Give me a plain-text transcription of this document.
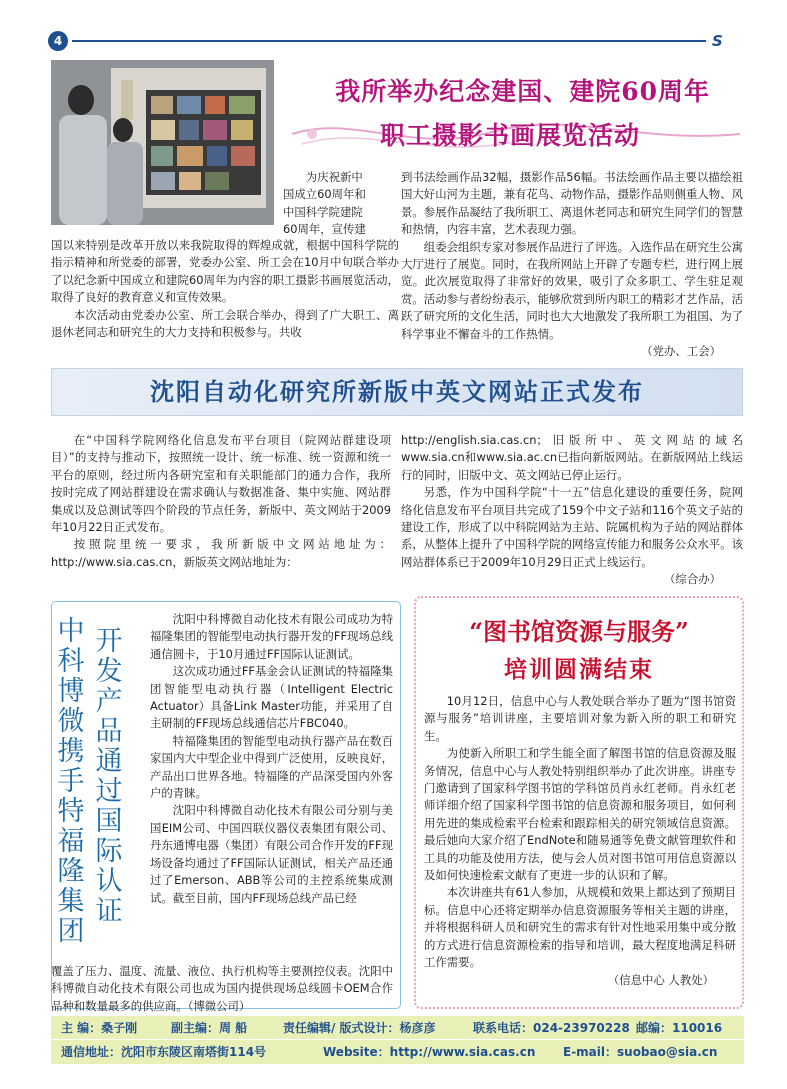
4	S
我所举办纪念建国、建院60周年
职工摄影书画展览活动
为庆祝新中
国成立60周年和
中国科学院建院
60周年，宣传建

国以来特别是改革开放以来我院取得的辉煌成就，根据中国科学院的指示精神和所党委的部署，党委办公室、所工会在10月中旬联合举办了以纪念新中国成立和建院60周年为内容的职工摄影书画展览活动，取得了良好的教育意义和宣传效果。

本次活动由党委办公室、所工会联合举办，得到了广大职工、离退休老同志和研究生的大力支持和积极参与。共收

到书法绘画作品32幅，摄影作品56幅。书法绘画作品主要以描绘祖国大好山河为主题，兼有花鸟、动物作品，摄影作品则侧重人物、风景。参展作品凝结了我所职工、离退休老同志和研究生同学们的智慧和热情，内容丰富，艺术表现力强。

组委会组织专家对参展作品进行了评选。入选作品在研究生公寓大厅进行了展览。同时，在我所网站上开辟了专题专栏，进行网上展览。此次展览取得了非常好的效果，吸引了众多职工、学生驻足观赏。活动参与者纷纷表示，能够欣赏到所内职工的精彩才艺作品，活跃了研究所的文化生活，同时也大大地激发了我所职工为祖国、为了科学事业不懈奋斗的工作热情。

（党办、工会）
沈阳自动化研究所新版中英文网站正式发布

在“中国科学院网络化信息发布平台项目（院网站群建设项目）”的支持与推动下，按照统一设计、统一标准、统一资源和统一平台的原则，经过所内各研究室和有关职能部门的通力合作，我所按时完成了网站群建设在需求确认与数据准备、集中实施、网站群集成以及总测试等四个阶段的节点任务，新版中、英文网站于2009年10月22日正式发布。

按照院里统一要求，我所新版中文网站地址为：http://www.sia.cas.cn，新版英文网站地址为：

http://english.sia.cas.cn；旧版所中、英文网站的域名www.sia.cn和www.sia.ac.cn已指向新版网站。在新版网站上线运行的同时，旧版中文、英文网站已停止运行。

另悉，作为中国科学院“十一五”信息化建设的重要任务，院网络化信息发布平台项目共完成了159个中文子站和116个英文子站的建设工作，形成了以中科院网站为主站、院属机构为子站的网站群体系，从整体上提升了中国科学院的网络宣传能力和服务公众水平。该网站群体系已于2009年10月29日正式上线运行。

（综合办）
中科博微携手特福隆集团
开发产品通过国际认证

沈阳中科博微自动化技术有限公司成功为特福隆集团的智能型电动执行器开发的FF现场总线通信圆卡，于10月通过FF国际认证测试。

这次成功通过FF基金会认证测试的特福隆集团智能型电动执行器（Intelligent Electric Actuator）具备Link Master功能，并采用了自主研制的FF现场总线通信芯片FBC040。

特福隆集团的智能型电动执行器产品在数百家国内大中型企业中得到广泛使用，反映良好，产品出口世界各地。特福隆的产品深受国内外客户的青睐。

沈阳中科博微自动化技术有限公司分别与美国EIM公司、中国四联仪器仪表集团有限公司、丹东通博电器（集团）有限公司合作开发的FF现场设备均通过了FF国际认证测试，相关产品还通过了Emerson、ABB等公司的主控系统集成测试。截至目前，国内FF现场总线产品已经

覆盖了压力、温度、流量、液位、执行机构等主要测控仪表。沈阳中科博微自动化技术有限公司也成为国内提供现场总线圆卡OEM合作品种和数量最多的供应商。（博微公司）

“图书馆资源与服务”
培训圆满结束

10月12日，信息中心与人教处联合举办了题为“图书馆资源与服务”培训讲座，主要培训对象为新入所的职工和研究生。

为使新入所职工和学生能全面了解图书馆的信息资源及服务情况，信息中心与人教处特别组织举办了此次讲座。讲座专门邀请到了国家科学图书馆的学科馆员肖永红老师。肖永红老师详细介绍了国家科学图书馆的信息资源和服务项目，如何利用先进的集成检索平台检索和跟踪相关的研究领域信息资源。最后她向大家介绍了EndNote和随易通等免费文献管理软件和工具的功能及使用方法，使与会人员对图书馆可用信息资源以及如何快速检索文献有了更进一步的认识和了解。

本次讲座共有61人参加，从规模和效果上都达到了预期目标。信息中心还将定期举办信息资源服务等相关主题的讲座，并将根据科研人员和研究生的需求有针对性地采用集中或分散的方式进行信息资源检索的指导和培训，最大程度地满足科研工作需要。

（信息中心 人教处）
主 编：桑子刚	副主编：周 船	责任编辑/ 版式设计：杨彦彦	联系电话：024-23970228 邮编：110016
通信地址：沈阳市东陵区南塔街114号	Website：http://www.sia.cas.cn E-mail：suobao@sia.cn
